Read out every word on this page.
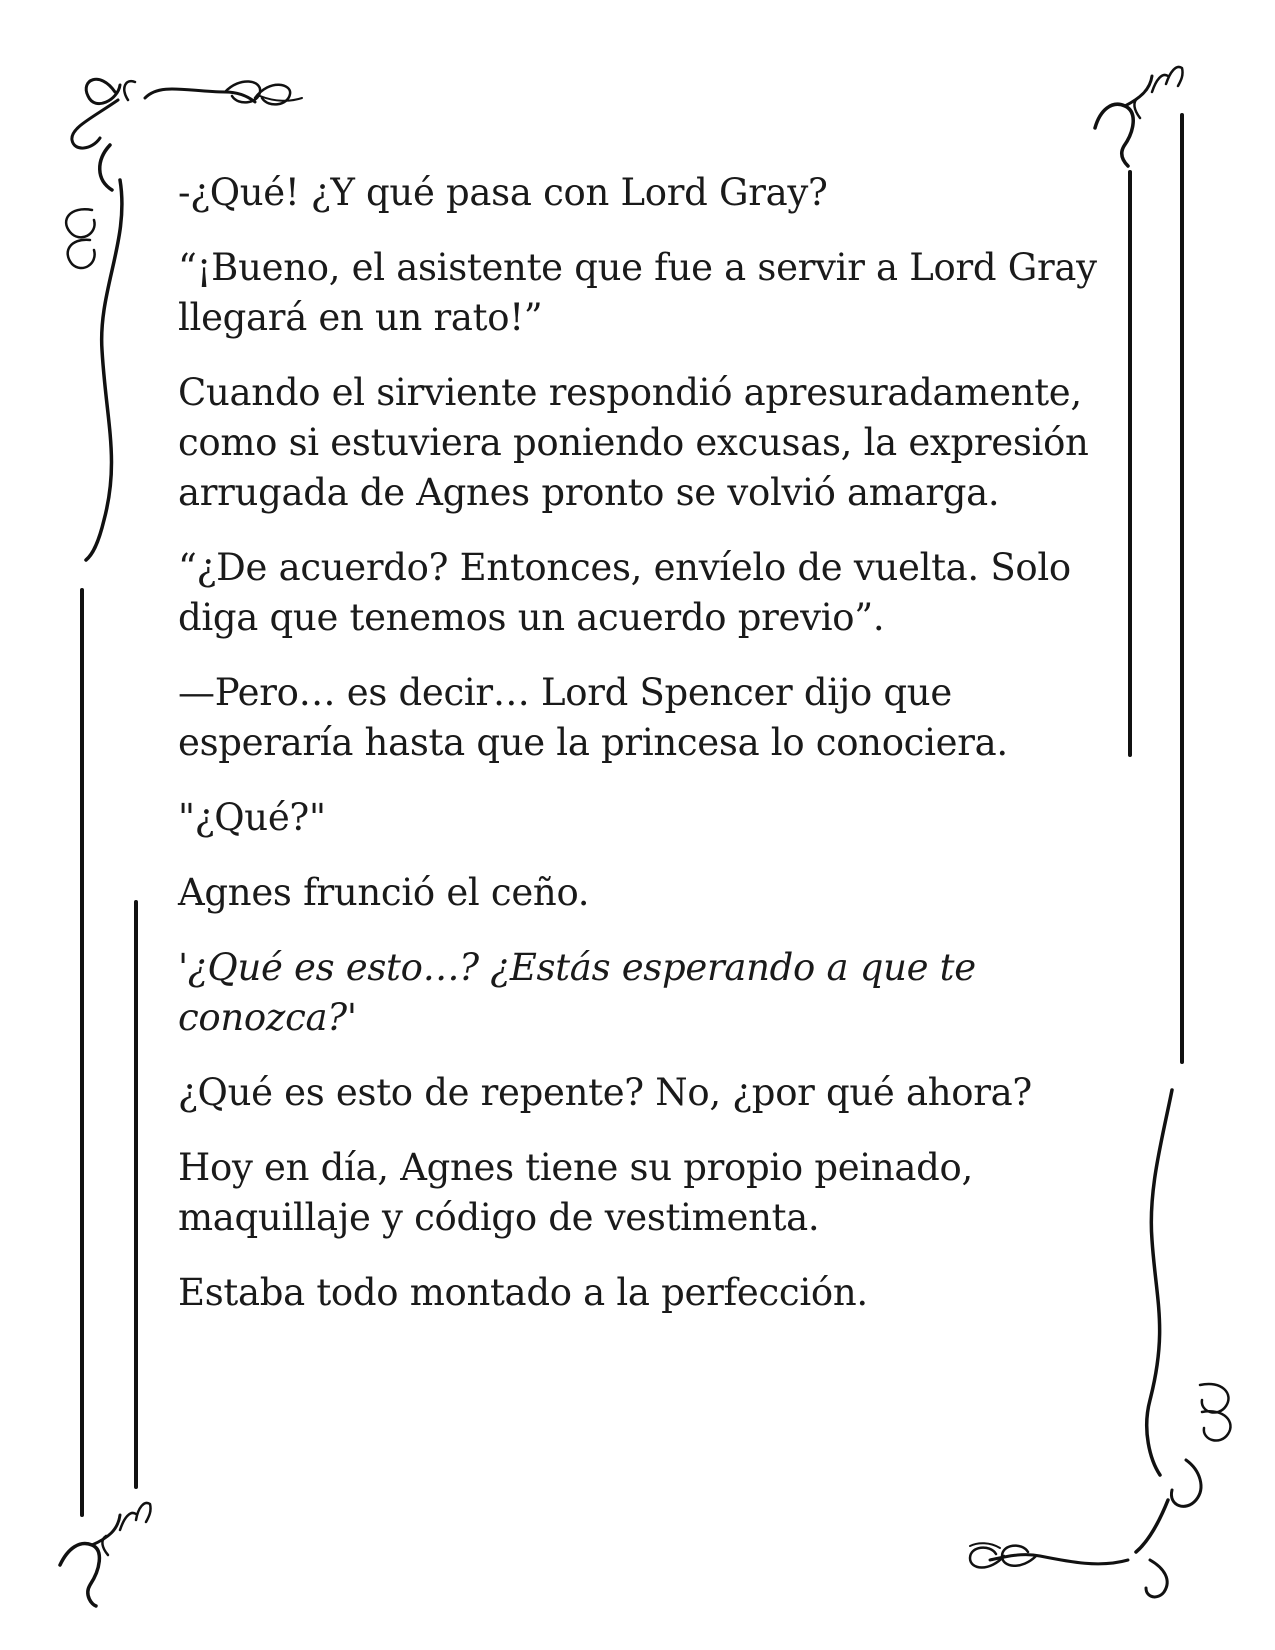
-¿Qué! ¿Y qué pasa con Lord Gray?

“¡Bueno, el asistente que fue a servir a Lord Gray llegará en un rato!”

Cuando el sirviente respondió apresuradamente, como si estuviera poniendo excusas, la expresión arrugada de Agnes pronto se volvió amarga.

“¿De acuerdo? Entonces, envíelo de vuelta. Solo diga que tenemos un acuerdo previo”.

—Pero… es decir… Lord Spencer dijo que esperaría hasta que la princesa lo conociera.

"¿Qué?"

Agnes frunció el ceño.

'¿Qué es esto…? ¿Estás esperando a que te conozca?'

¿Qué es esto de repente? No, ¿por qué ahora?

Hoy en día, Agnes tiene su propio peinado, maquillaje y código de vestimenta.

Estaba todo montado a la perfección.
